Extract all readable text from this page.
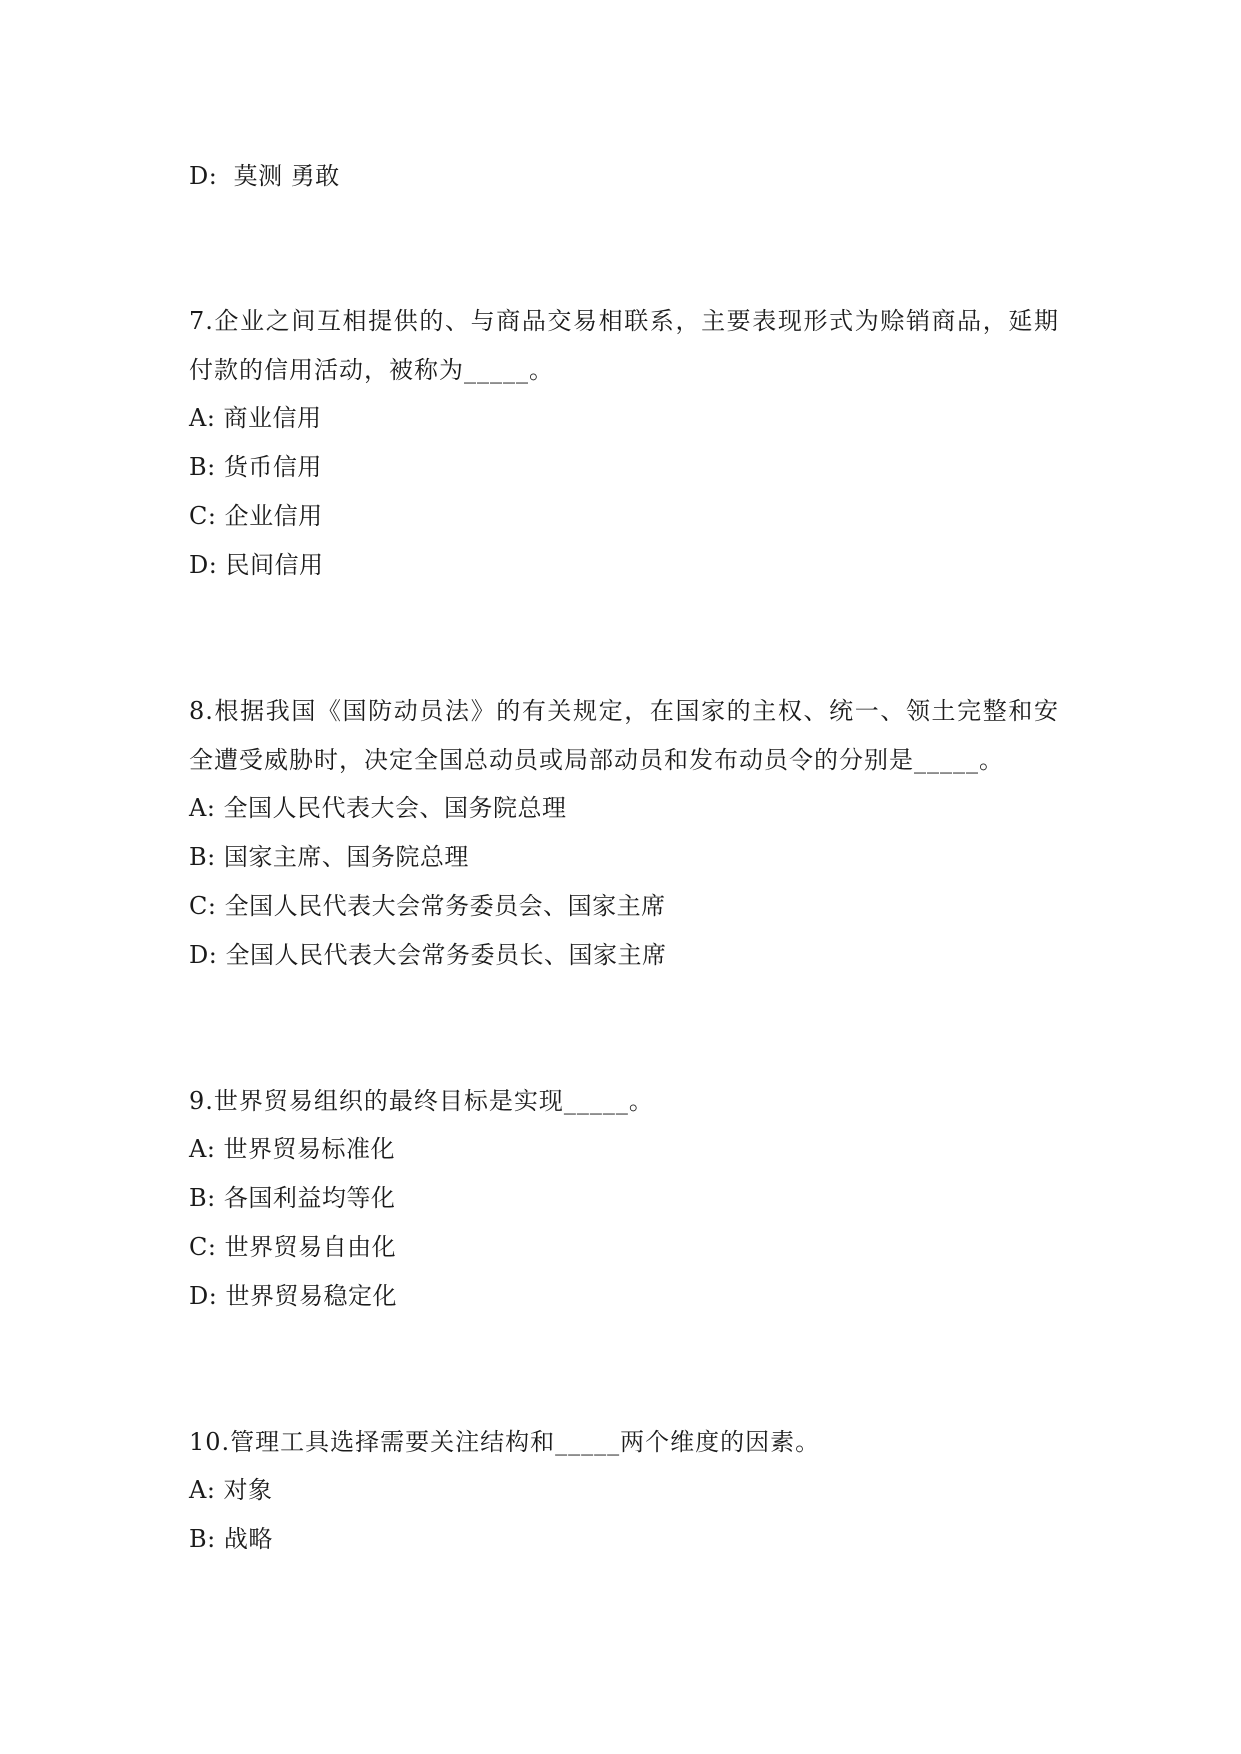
D:  莫测 勇敢
7.企业之间互相提供的、与商品交易相联系，主要表现形式为赊销商品，延期付款的信用活动，被称为_____。
A: 商业信用
B: 货币信用
C: 企业信用
D: 民间信用
8.根据我国《国防动员法》的有关规定，在国家的主权、统一、领土完整和安全遭受威胁时，决定全国总动员或局部动员和发布动员令的分别是_____。
A: 全国人民代表大会、国务院总理
B: 国家主席、国务院总理
C: 全国人民代表大会常务委员会、国家主席
D: 全国人民代表大会常务委员长、国家主席
9.世界贸易组织的最终目标是实现_____。
A: 世界贸易标准化
B: 各国利益均等化
C: 世界贸易自由化
D: 世界贸易稳定化
10.管理工具选择需要关注结构和_____两个维度的因素。
A: 对象
B: 战略
